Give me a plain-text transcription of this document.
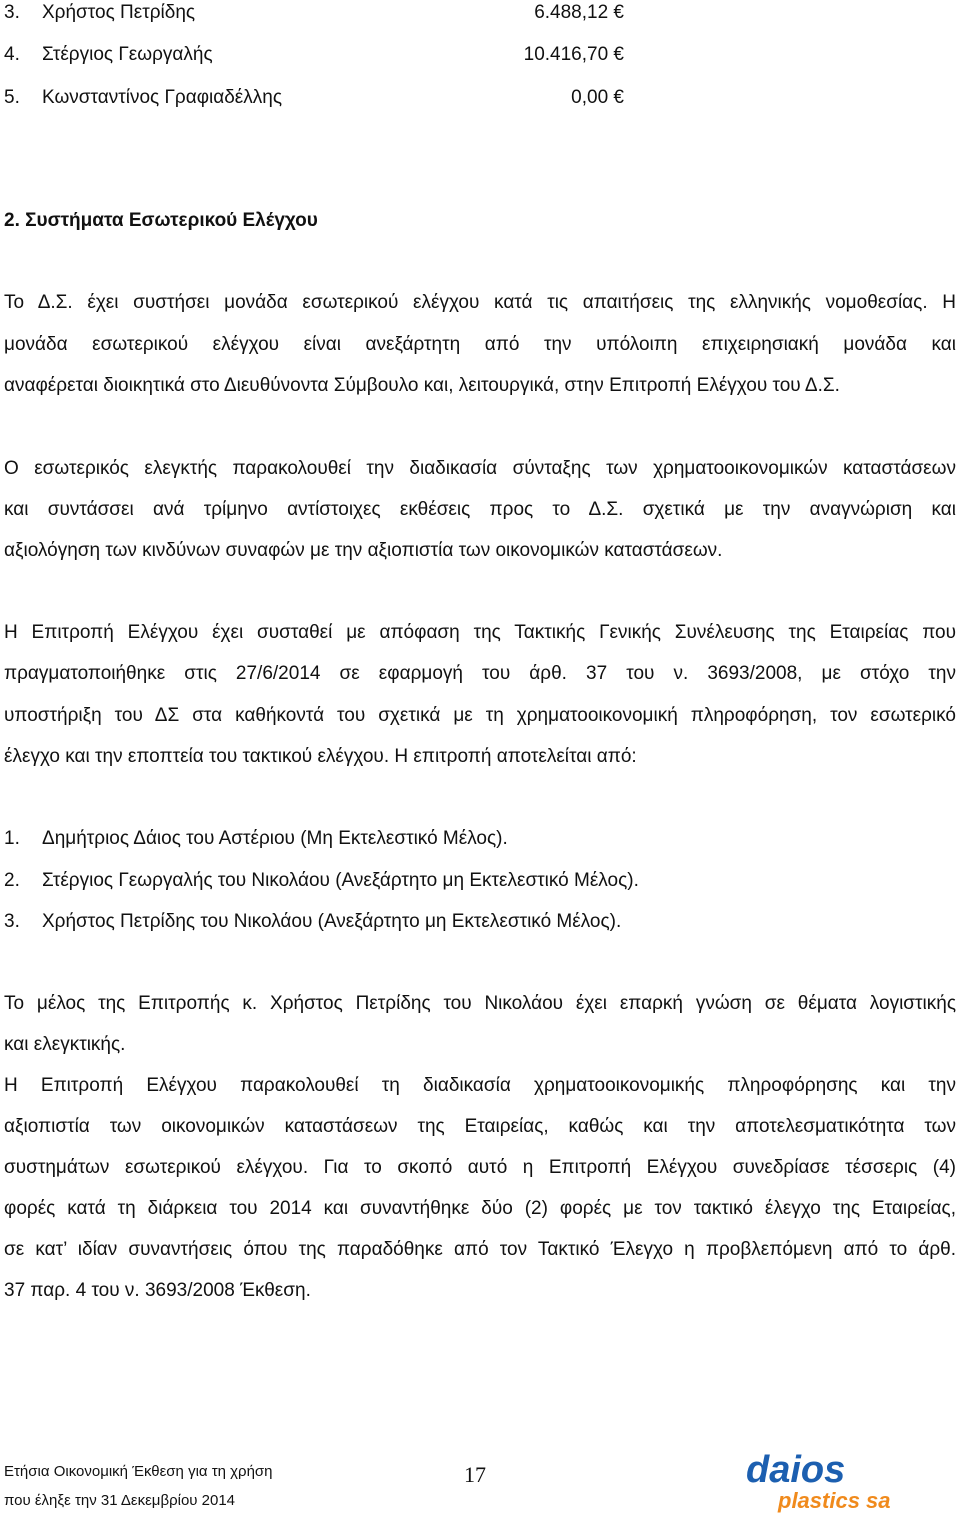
3. Χρήστος Πετρίδης	6.488,12 €
4. Στέργιος Γεωργαλής	10.416,70 €
5. Κωνσταντίνος Γραφιαδέλλης	0,00 €
2. Συστήματα Εσωτερικού Ελέγχου
Το Δ.Σ. έχει συστήσει μονάδα εσωτερικού ελέγχου κατά τις απαιτήσεις της ελληνικής νομοθεσίας. Η
μονάδα εσωτερικού ελέγχου είναι ανεξάρτητη από την υπόλοιπη επιχειρησιακή μονάδα και
αναφέρεται διοικητικά στο Διευθύνοντα Σύμβουλο και, λειτουργικά, στην Επιτροπή Ελέγχου του Δ.Σ.
Ο εσωτερικός ελεγκτής παρακολουθεί την διαδικασία σύνταξης των χρηματοοικονομικών καταστάσεων
και συντάσσει ανά τρίμηνο αντίστοιχες εκθέσεις προς το Δ.Σ. σχετικά με την αναγνώριση και
αξιολόγηση των κινδύνων συναφών με την αξιοπιστία των οικονομικών καταστάσεων.
Η Επιτροπή Ελέγχου έχει συσταθεί με απόφαση της Τακτικής Γενικής Συνέλευσης της Εταιρείας που
πραγματοποιήθηκε στις 27/6/2014 σε εφαρμογή του άρθ. 37 του ν. 3693/2008, με στόχο την
υποστήριξη του ΔΣ στα καθήκοντά του σχετικά με τη χρηματοοικονομική πληροφόρηση, τον εσωτερικό
έλεγχο και την εποπτεία του τακτικού ελέγχου. Η επιτροπή αποτελείται από:
1. Δημήτριος Δάιος του Αστέριου (Μη Εκτελεστικό Μέλος).
2. Στέργιος Γεωργαλής του Νικολάου (Ανεξάρτητο μη Εκτελεστικό Μέλος).
3. Χρήστος Πετρίδης του Νικολάου (Ανεξάρτητο μη Εκτελεστικό Μέλος).
Το μέλος της Επιτροπής κ. Χρήστος Πετρίδης του Νικολάου έχει επαρκή γνώση σε θέματα λογιστικής
και ελεγκτικής.
Η Επιτροπή Ελέγχου παρακολουθεί τη διαδικασία χρηματοοικονομικής πληροφόρησης και την
αξιοπιστία των οικονομικών καταστάσεων της Εταιρείας, καθώς και την αποτελεσματικότητα των
συστημάτων εσωτερικού ελέγχου. Για το σκοπό αυτό η Επιτροπή Ελέγχου συνεδρίασε τέσσερις (4)
φορές κατά τη διάρκεια του 2014 και συναντήθηκε δύο (2) φορές με τον τακτικό έλεγχο της Εταιρείας,
σε κατ’ ιδίαν συναντήσεις όπου της παραδόθηκε από τον Τακτικό Έλεγχο η προβλεπόμενη από το άρθ.
37 παρ. 4 του ν. 3693/2008 Έκθεση.
Ετήσια Οικονομική Έκθεση για τη χρήση
που έληξε την 31 Δεκεμβρίου 2014
17	daios
plastics sa
